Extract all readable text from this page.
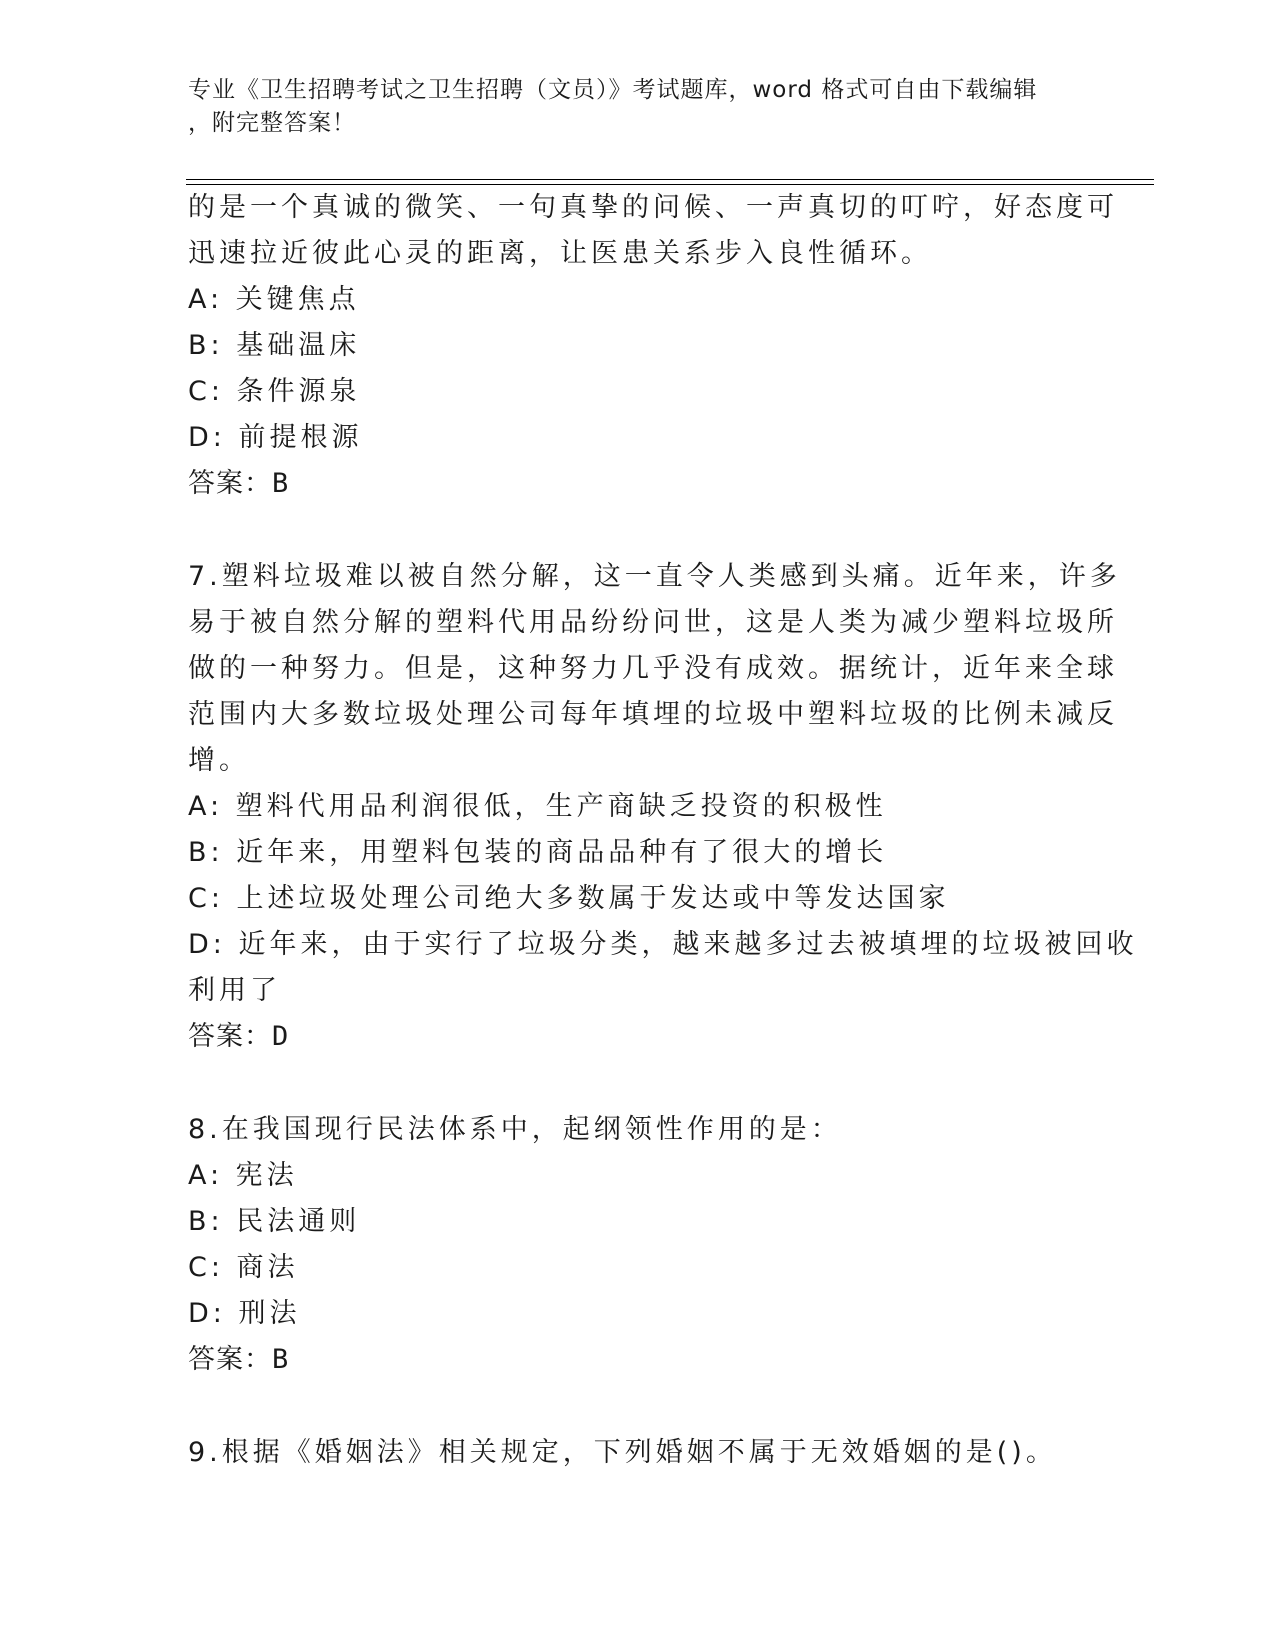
专业《卫生招聘考试之卫生招聘（文员）》考试题库，word 格式可自由下载编辑
，附完整答案！
的是一个真诚的微笑、一句真挚的问候、一声真切的叮咛，好态度可
迅速拉近彼此心灵的距离，让医患关系步入良性循环。
A: 关键焦点
B: 基础温床
C: 条件源泉
D: 前提根源
答案：B
7.塑料垃圾难以被自然分解，这一直令人类感到头痛。近年来，许多
易于被自然分解的塑料代用品纷纷问世，这是人类为减少塑料垃圾所
做的一种努力。但是，这种努力几乎没有成效。据统计，近年来全球
范围内大多数垃圾处理公司每年填埋的垃圾中塑料垃圾的比例未减反
增。
A: 塑料代用品利润很低，生产商缺乏投资的积极性
B: 近年来，用塑料包装的商品品种有了很大的增长
C: 上述垃圾处理公司绝大多数属于发达或中等发达国家
D: 近年来，由于实行了垃圾分类，越来越多过去被填埋的垃圾被回收
利用了
答案：D
8.在我国现行民法体系中，起纲领性作用的是：
A: 宪法
B: 民法通则
C: 商法
D: 刑法
答案：B
9.根据《婚姻法》相关规定，下列婚姻不属于无效婚姻的是()。
